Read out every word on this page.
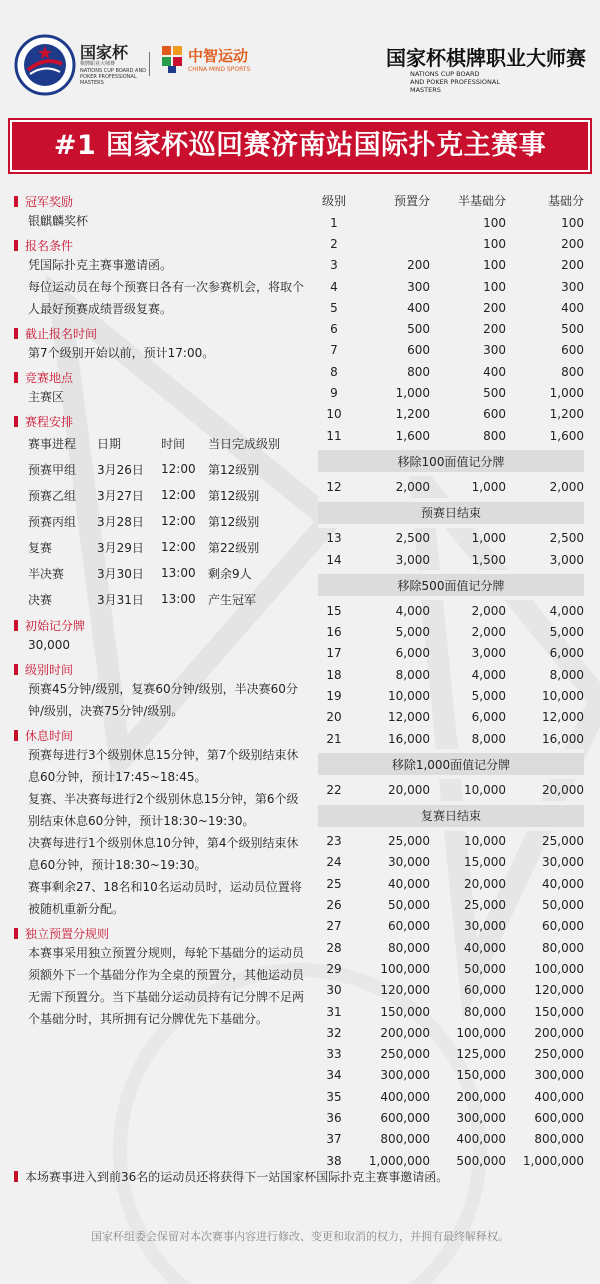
国家杯
棋牌职业大师赛
NATIONS CUP BOARD AND POKER PROFESSIONAL MASTERS
中智运动
CHINA MIND SPORTS	国家杯棋牌职业大师赛
NATIONS CUP BOARD
AND POKER PROFESSIONAL
MASTERS
#1 国家杯巡回赛济南站国际扑克主赛事
冠军奖励
银麒麟奖杯
报名条件

凭国际扑克主赛事邀请函。

每位运动员在每个预赛日各有一次参赛机会，将取个人最好预赛成绩晋级复赛。

截止报名时间
第7个级别开始以前，预计17:00。
竞赛地点
主赛区
赛程安排
赛事进程	日期	时间	当日完成级别
预赛甲组	3月26日	12:00	第12级别
预赛乙组	3月27日	12:00	第12级别
预赛丙组	3月28日	12:00	第12级别
复赛	3月29日	12:00	第22级别
半决赛	3月30日	13:00	剩余9人
决赛	3月31日	13:00	产生冠军
初始记分牌
30,000
级别时间
预赛45分钟/级别，复赛60分钟/级别，半决赛60分钟/级别，决赛75分钟/级别。
休息时间

预赛每进行3个级别休息15分钟，第7个级别结束休息60分钟，预计17:45~18:45。

复赛、半决赛每进行2个级别休息15分钟，第6个级别结束休息60分钟，预计18:30~19:30。

决赛每进行1个级别休息10分钟，第4个级别结束休息60分钟，预计18:30~19:30。

赛事剩余27、18名和10名运动员时，运动员位置将被随机重新分配。

独立预置分规则
本赛事采用独立预置分规则，每轮下基础分的运动员须额外下一个基础分作为全桌的预置分，其他运动员无需下预置分。当下基础分运动员持有记分牌不足两个基础分时，其所拥有记分牌优先下基础分。
级别	预置分	半基础分	基础分
1		100	100
2		100	200
3	200	100	200
4	300	100	300
5	400	200	400
6	500	200	500
7	600	300	600
8	800	400	800
9	1,000	500	1,000
10	1,200	600	1,200
11	1,600	800	1,600
移除100面值记分牌			
12	2,000	1,000	2,000
预赛日结束			
13	2,500	1,000	2,500
14	3,000	1,500	3,000
移除500面值记分牌			
15	4,000	2,000	4,000
16	5,000	2,000	5,000
17	6,000	3,000	6,000
18	8,000	4,000	8,000
19	10,000	5,000	10,000
20	12,000	6,000	12,000
21	16,000	8,000	16,000
移除1,000面值记分牌			
22	20,000	10,000	20,000
复赛日结束			
23	25,000	10,000	25,000
24	30,000	15,000	30,000
25	40,000	20,000	40,000
26	50,000	25,000	50,000
27	60,000	30,000	60,000
28	80,000	40,000	80,000
29	100,000	50,000	100,000
30	120,000	60,000	120,000
31	150,000	80,000	150,000
32	200,000	100,000	200,000
33	250,000	125,000	250,000
34	300,000	150,000	300,000
35	400,000	200,000	400,000
36	600,000	300,000	600,000
37	800,000	400,000	800,000
38	1,000,000	500,000	1,000,000
本场赛事进入到前36名的运动员还将获得下一站国家杯国际扑克主赛事邀请函。
国家杯组委会保留对本次赛事内容进行修改、变更和取消的权力，并拥有最终解释权。
